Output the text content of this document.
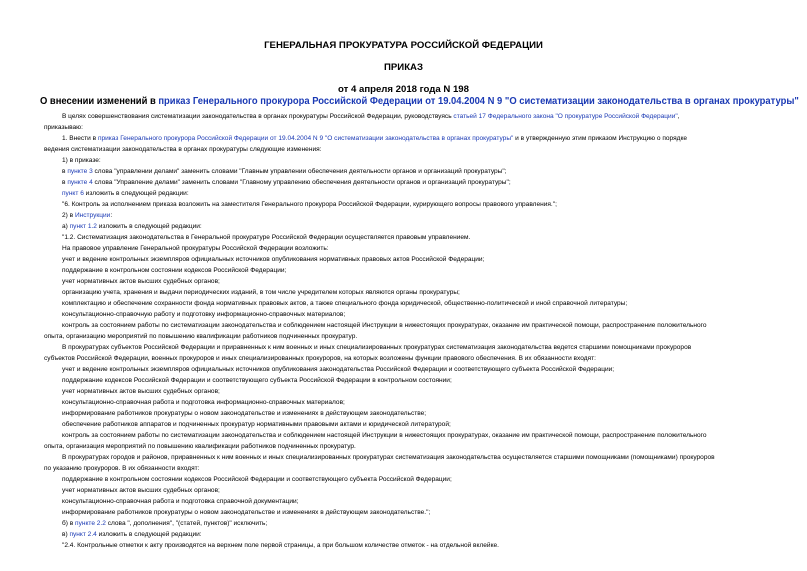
ГЕНЕРАЛЬНАЯ ПРОКУРАТУРА РОССИЙСКОЙ ФЕДЕРАЦИИ
ПРИКАЗ
от 4 апреля 2018 года N 198
О внесении изменений в приказ Генерального прокурора Российской Федерации от 19.04.2004 N 9 "О систематизации законодательства в органах прокуратуры"
В целях совершенствования систематизации законодательства в органах прокуратуры Российской Федерации, руководствуясь статьей 17 Федерального закона "О прокуратуре Российской Федерации",
приказываю:
1. Внести в приказ Генерального прокурора Российской Федерации от 19.04.2004 N 9 "О систематизации законодательства в органах прокуратуры" и в утвержденную этим приказом Инструкцию о порядке
ведения систематизации законодательства в органах прокуратуры следующие изменения:
1) в приказе:
в пункте 3 слова "управлении делами" заменить словами "Главным управлении обеспечения деятельности органов и организаций прокуратуры";
в пункте 4 слова "Управление делами" заменить словами "Главному управлению обеспечения деятельности органов и организаций прокуратуры";
пункт 6 изложить в следующей редакции:
"6. Контроль за исполнением приказа возложить на заместителя Генерального прокурора Российской Федерации, курирующего вопросы правового управления.";
2) в Инструкции:
а) пункт 1.2 изложить в следующей редакции:
"1.2. Систематизация законодательства в Генеральной прокуратуре Российской Федерации осуществляется правовым управлением.
На правовое управление Генеральной прокуратуры Российской Федерации возложить:
учет и ведение контрольных экземпляров официальных источников опубликования нормативных правовых актов Российской Федерации;
поддержание в контрольном состоянии кодексов Российской Федерации;
учет нормативных актов высших судебных органов;
организацию учета, хранения и выдачи периодических изданий, в том числе учредителем которых являются органы прокуратуры;
комплектацию и обеспечение сохранности фонда нормативных правовых актов, а также специального фонда юридической, общественно-политической и иной справочной литературы;
консультационно-справочную работу и подготовку информационно-справочных материалов;
контроль за состоянием работы по систематизации законодательства и соблюдением настоящей Инструкции в нижестоящих прокуратурах, оказание им практической помощи, распространение положительного
опыта, организацию мероприятий по повышению квалификации работников подчиненных прокуратур.
В прокуратурах субъектов Российской Федерации и приравненных к ним военных и иных специализированных прокуратурах систематизация законодательства ведется старшими помощниками прокуроров
субъектов Российской Федерации, военных прокуроров и иных специализированных прокуроров, на которых возложены функции правового обеспечения. В их обязанности входят:
учет и ведение контрольных экземпляров официальных источников опубликования законодательства Российской Федерации и соответствующего субъекта Российской Федерации;
поддержание кодексов Российской Федерации и соответствующего субъекта Российской Федерации в контрольном состоянии;
учет нормативных актов высших судебных органов;
консультационно-справочная работа и подготовка информационно-справочных материалов;
информирование работников прокуратуры о новом законодательстве и изменениях в действующем законодательстве;
обеспечение работников аппаратов и подчиненных прокуратур нормативными правовыми актами и юридической литературой;
контроль за состоянием работы по систематизации законодательства и соблюдением настоящей Инструкции в нижестоящих прокуратурах, оказание им практической помощи, распространение положительного
опыта, организация мероприятий по повышению квалификации работников подчиненных прокуратур.
В прокуратурах городов и районов, приравненных к ним военных и иных специализированных прокуратурах систематизация законодательства осуществляется старшими помощниками (помощниками) прокуроров
по указанию прокуроров. В их обязанности входят:
поддержание в контрольном состоянии кодексов Российской Федерации и соответствующего субъекта Российской Федерации;
учет нормативных актов высших судебных органов;
консультационно-справочная работа и подготовка справочной документации;
информирование работников прокуратуры о новом законодательстве и изменениях в действующем законодательстве.";
б) в пункте 2.2 слова ", дополнения", "(статей, пунктов)" исключить;
в) пункт 2.4 изложить в следующей редакции:
"2.4. Контрольные отметки к акту производятся на верхнем поле первой страницы, а при большом количестве отметок - на отдельной вклейке.
